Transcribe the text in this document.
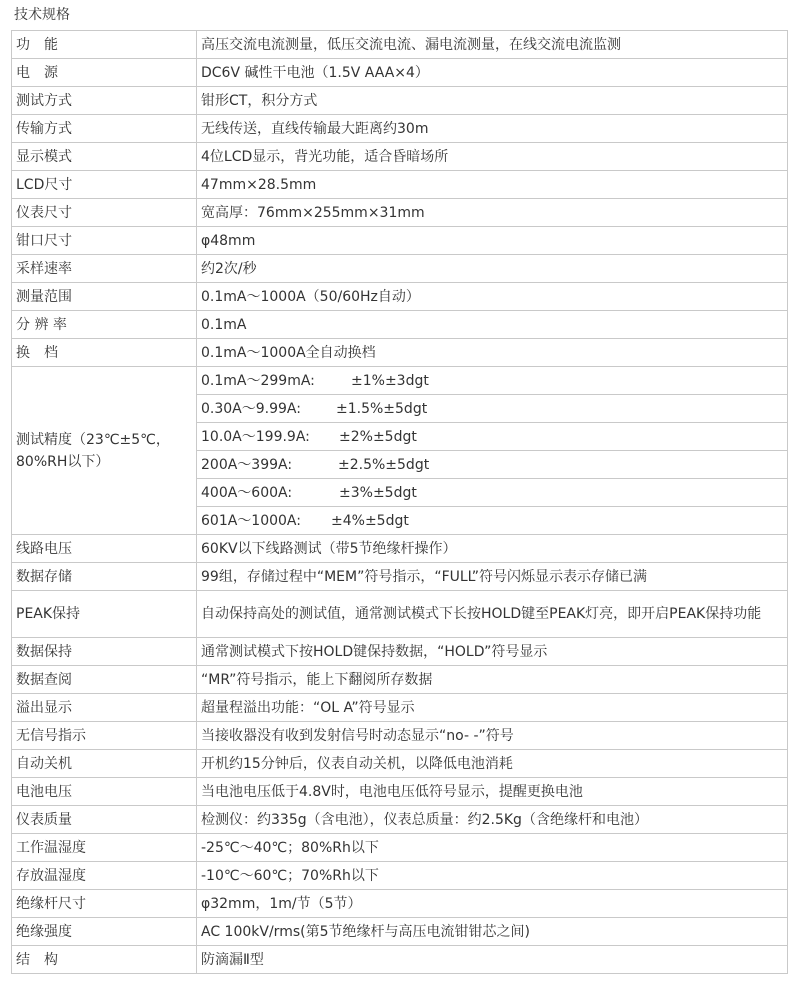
技术规格
功　能	高压交流电流测量，低压交流电流、漏电流测量，在线交流电流监测
电　源	DC6V 碱性干电池（1.5V AAA×4）
测试方式	钳形CT，积分方式
传输方式	无线传送，直线传输最大距离约30m
显示模式	4位LCD显示，背光功能，适合昏暗场所
LCD尺寸	47mm×28.5mm
仪表尺寸	宽高厚：76mm×255mm×31mm
钳口尺寸	φ48mm
采样速率	约2次/秒
测量范围	0.1mA～1000A（50/60Hz自动）
分 辨 率	0.1mA
换　档	0.1mA～1000A全自动换档
测试精度（23℃±5℃，80%RH以下）	0.1mA～299mA: ±1%±3dgt
	0.30A～9.99A: ±1.5%±5dgt
	10.0A～199.9A: ±2%±5dgt
	200A～399A: ±2.5%±5dgt
	400A～600A: ±3%±5dgt
	601A～1000A: ±4%±5dgt
线路电压	60KV以下线路测试（带5节绝缘杆操作）
数据存储	99组，存储过程中“MEM”符号指示，“FULL”符号闪烁显示表示存储已满
PEAK保持	自动保持高处的测试值，通常测试模式下长按HOLD键至PEAK灯亮，即开启PEAK保持功能
数据保持	通常测试模式下按HOLD键保持数据，“HOLD”符号显示
数据查阅	“MR”符号指示，能上下翻阅所存数据
溢出显示	超量程溢出功能：“OL A”符号显示
无信号指示	当接收器没有收到发射信号时动态显示“no- -”符号
自动关机	开机约15分钟后，仪表自动关机，以降低电池消耗
电池电压	当电池电压低于4.8V时，电池电压低符号显示，提醒更换电池
仪表质量	检测仪：约335g（含电池），仪表总质量：约2.5Kg（含绝缘杆和电池）
工作温湿度	-25℃～40℃；80%Rh以下
存放温湿度	-10℃～60℃；70%Rh以下
绝缘杆尺寸	φ32mm，1m/节（5节）
绝缘强度	AC 100kV/rms(第5节绝缘杆与高压电流钳钳芯之间)
结　构	防滴漏Ⅱ型
